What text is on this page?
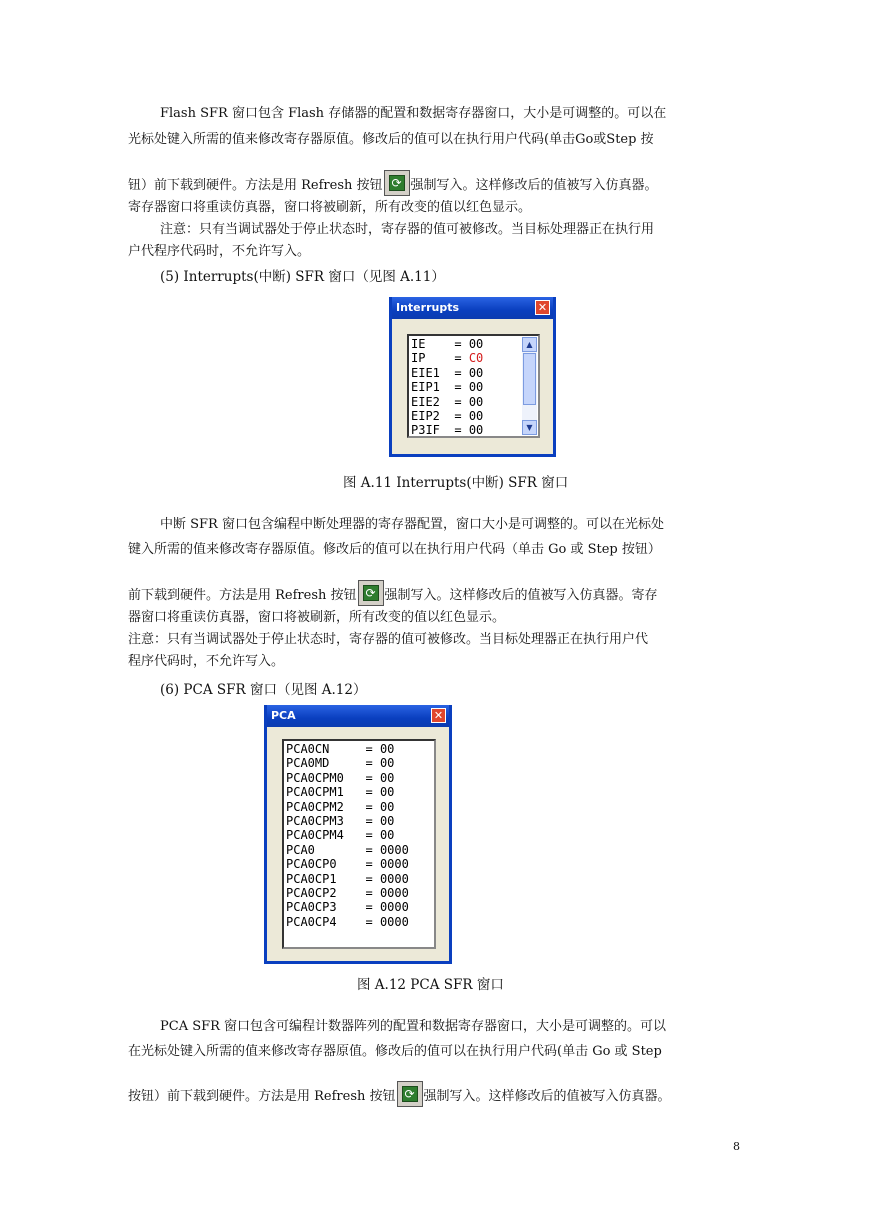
Flash SFR 窗口包含 Flash 存储器的配置和数据寄存器窗口，大小是可调整的。可以在
光标处键入所需的值来修改寄存器原值。修改后的值可以在执行用户代码(单击Go或Step 按
钮）前下载到硬件。方法是用 Refresh 按钮 ⟳ 强制写入。这样修改后的值被写入仿真器。
寄存器窗口将重读仿真器，窗口将被刷新，所有改变的值以红色显示。
注意：只有当调试器处于停止状态时，寄存器的值可被修改。当目标处理器正在执行用
户代程序代码时，不允许写入。
(5) Interrupts(中断) SFR 窗口（见图 A.11）
Interrupts	✕
IE    = 00
IP    = C0
EIE1 = 00
EIP1 = 00
EIE2 = 00
EIP2 = 00
P3IF = 00
▲
▼
图 A.11 Interrupts(中断) SFR 窗口
中断 SFR 窗口包含编程中断处理器的寄存器配置，窗口大小是可调整的。可以在光标处
键入所需的值来修改寄存器原值。修改后的值可以在执行用户代码（单击 Go 或 Step 按钮）
前下载到硬件。方法是用 Refresh 按钮 ⟳ 强制写入。这样修改后的值被写入仿真器。寄存
器窗口将重读仿真器，窗口将被刷新，所有改变的值以红色显示。
注意：只有当调试器处于停止状态时，寄存器的值可被修改。当目标处理器正在执行用户代
程序代码时，不允许写入。
(6) PCA SFR 窗口（见图 A.12）
PCA	✕
PCA0CN     = 00
PCA0MD     = 00
PCA0CPM0   = 00
PCA0CPM1   = 00
PCA0CPM2   = 00
PCA0CPM3   = 00
PCA0CPM4   = 00
PCA0       = 0000
PCA0CP0    = 0000
PCA0CP1    = 0000
PCA0CP2    = 0000
PCA0CP3    = 0000
PCA0CP4    = 0000
图 A.12 PCA SFR 窗口
PCA SFR 窗口包含可编程计数器阵列的配置和数据寄存器窗口，大小是可调整的。可以
在光标处键入所需的值来修改寄存器原值。修改后的值可以在执行用户代码(单击 Go 或 Step
按钮）前下载到硬件。方法是用 Refresh 按钮 ⟳ 强制写入。这样修改后的值被写入仿真器。
8
